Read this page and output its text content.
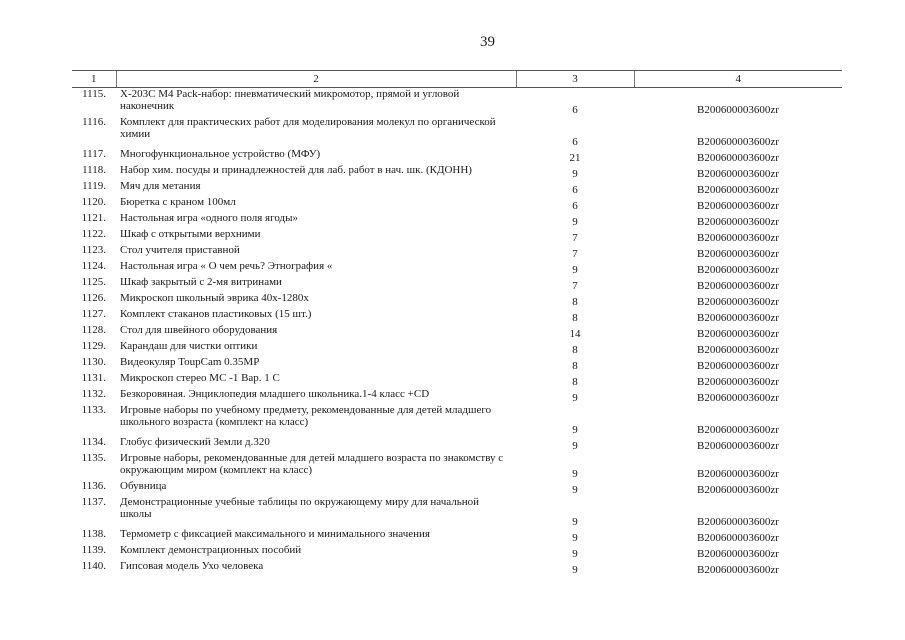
39
1	2	3	4
1115.	X-203C M4 Pack-набор: пневматический микромотор, прямой и угловой наконечник	6	B200600003600zr
1116.	Комплект для практических работ для моделирования молекул по органической химии	6	B200600003600zr
1117.	Многофункциональное устройство (МФУ)	21	B200600003600zr
1118.	Набор хим. посуды и принадлежностей для лаб. работ в нач. шк. (КДОНН)	9	B200600003600zr
1119.	Мяч для метания	6	B200600003600zr
1120.	Бюретка с краном 100мл	6	B200600003600zr
1121.	Настольная игра «одного поля ягоды»	9	B200600003600zr
1122.	Шкаф с открытыми верхними	7	B200600003600zr
1123.	Стол учителя приставной	7	B200600003600zr
1124.	Настольная игра « О чем речь? Этнография «	9	B200600003600zr
1125.	Шкаф закрытый с 2-мя витринами	7	B200600003600zr
1126.	Микроскоп школьный эврика 40х-1280х	8	B200600003600zr
1127.	Комплект стаканов пластиковых (15 шт.)	8	B200600003600zr
1128.	Стол для швейного оборудования	14	B200600003600zr
1129.	Карандаш для чистки оптики	8	B200600003600zr
1130.	Видеокуляр ToupCam 0.35MP	8	B200600003600zr
1131.	Микроскоп стерео МС -1 Вар. 1 С	8	B200600003600zr
1132.	Безкоровяная. Энциклопедия младшего школьника.1-4 класс +CD	9	B200600003600zr
1133.	Игровые наборы по учебному предмету, рекомендованные для детей младшего школьного возраста (комплект на класс)	9	B200600003600zr
1134.	Глобус физический Земли д.320	9	B200600003600zr
1135.	Игровые наборы, рекомендованные для детей младшего возраста по знакомству с окружающим миром (комплект на класс)	9	B200600003600zr
1136.	Обувница	9	B200600003600zr
1137.	Демонстрационные учебные таблицы по окружающему миру для начальной школы	9	B200600003600zr
1138.	Термометр с фиксацией максимального и минимального значения	9	B200600003600zr
1139.	Комплект демонстрационных пособий	9	B200600003600zr
1140.	Гипсовая модель Ухо человека	9	B200600003600zr
